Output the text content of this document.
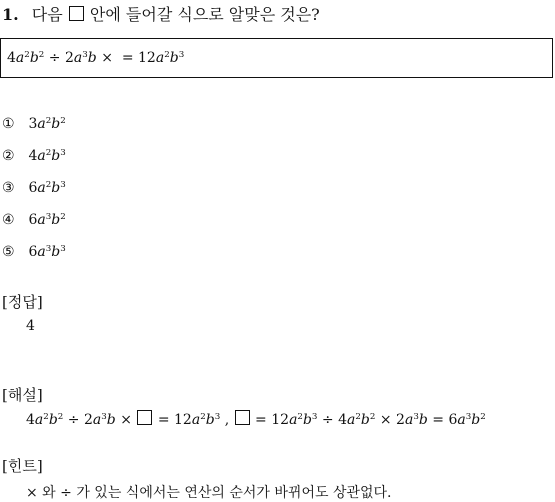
1. 다음 안에 들어갈 식으로 알맞은 것은?
$4a^2b^2 \div 2a^3b$ × = $12a^2b^3$
① $3a^2b^2$
② $4a^2b^3$
③ $6a^2b^3$
④ $6a^3b^2$
⑤ $6a^3b^3$
[정답]
4
[해설]
$4a^2b^2 \div 2a^3b$ × = $12a^2b^3$ , = $12a^2b^3 \div 4a^2b^2 \times 2a^3b = 6a^3b^2$
[힌트]
× 와 ÷ 가 있는 식에서는 연산의 순서가 바뀌어도 상관없다.
